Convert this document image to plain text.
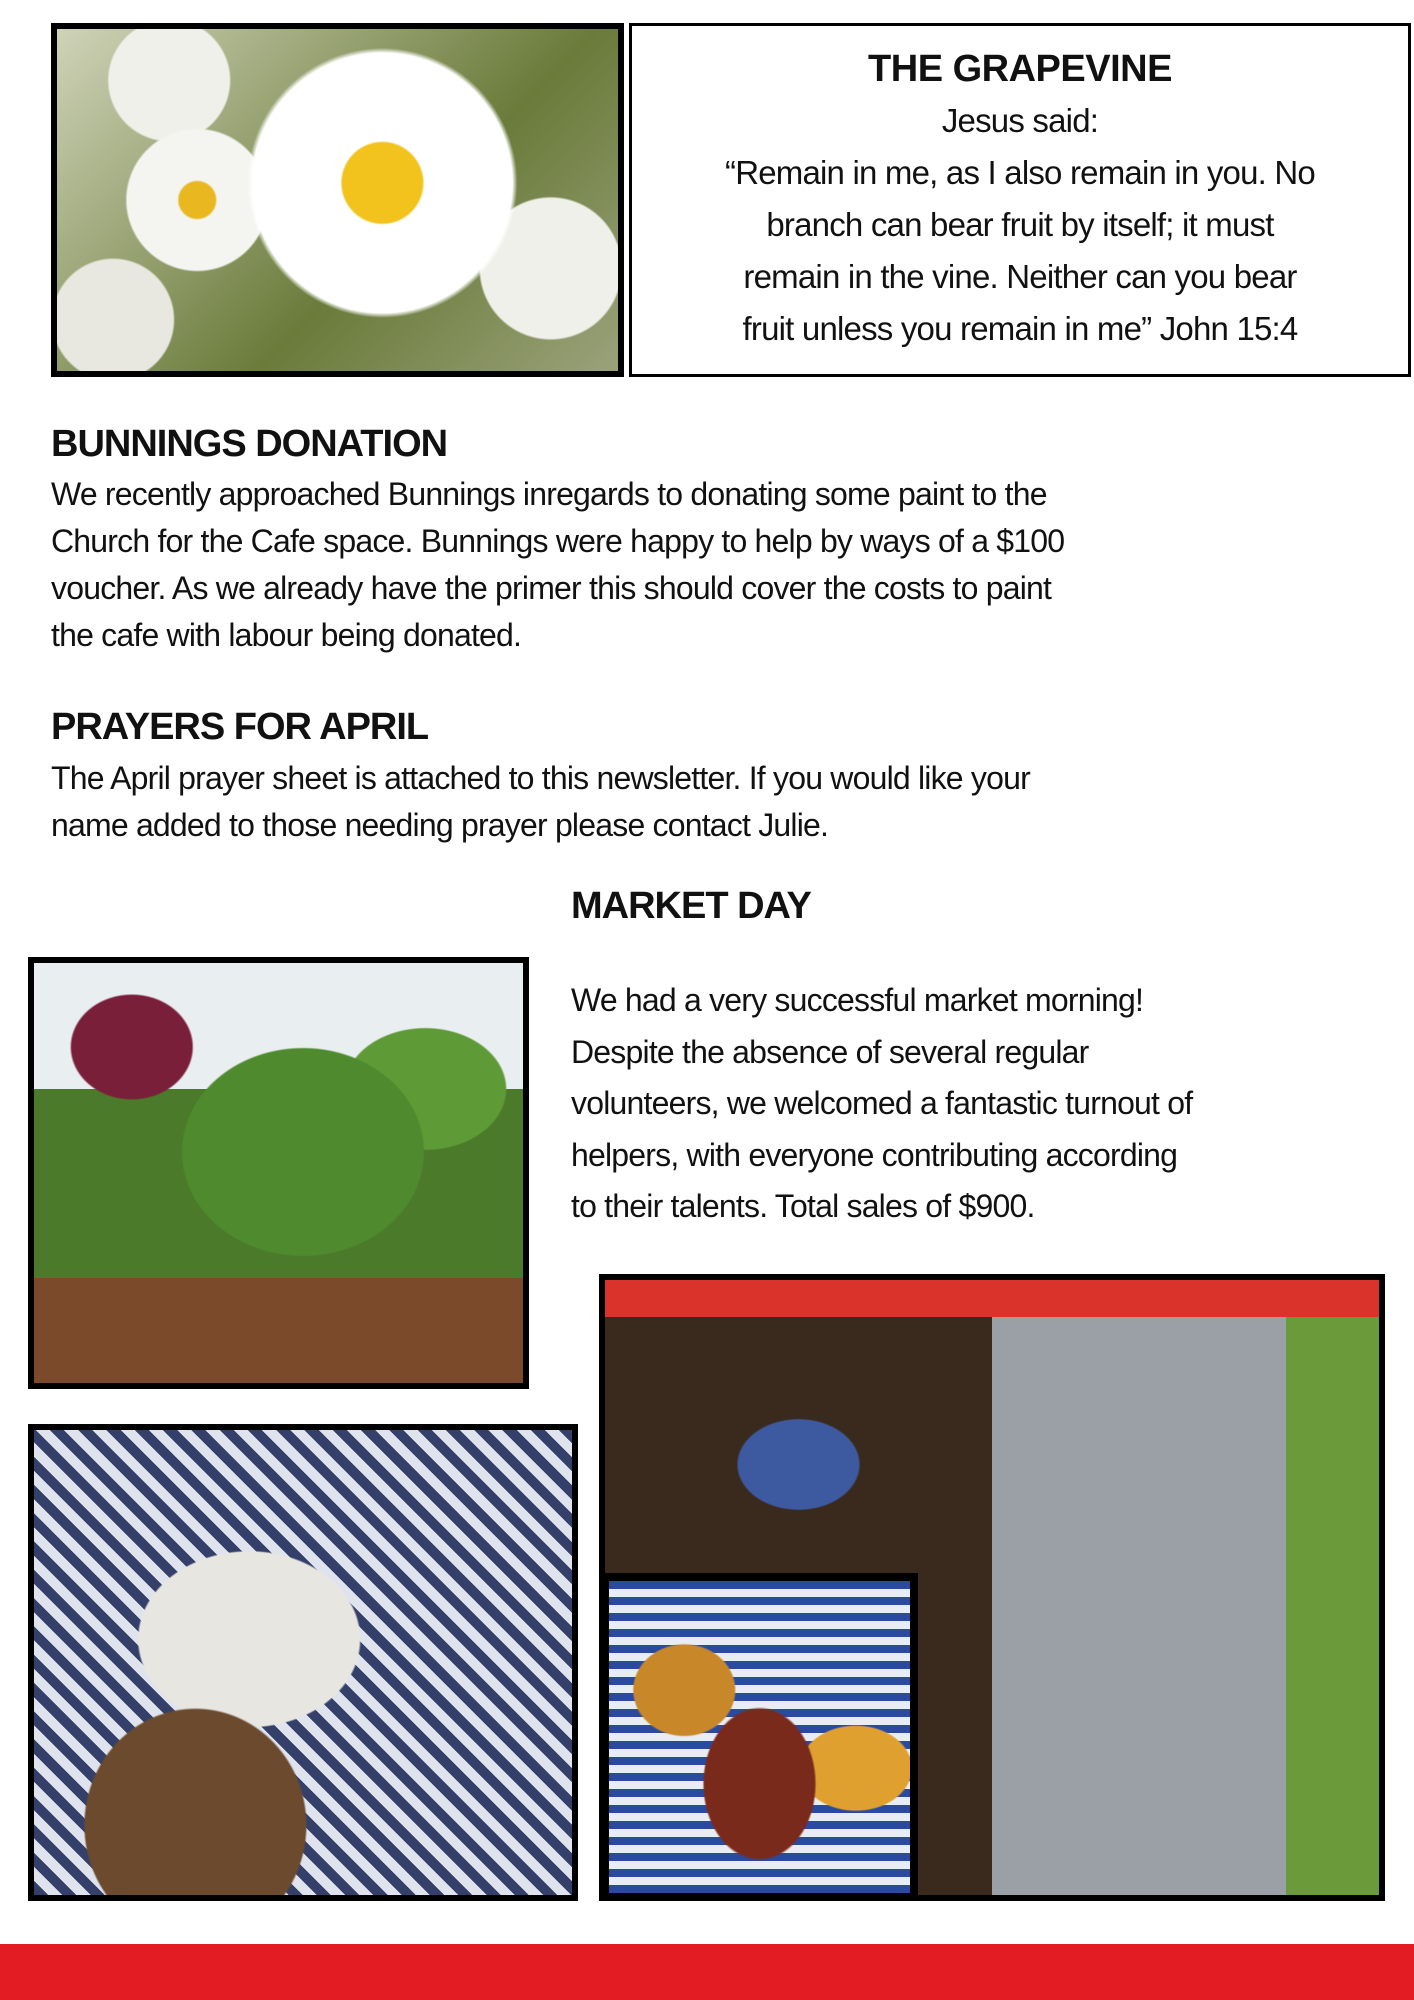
THE GRAPEVINE

Jesus said:

“Remain in me, as I also remain in you. No

branch can bear fruit by itself; it must

remain in the vine. Neither can you bear

fruit unless you remain in me” John 15:4

BUNNINGS DONATION
We recently approached Bunnings inregards to donating some paint to the
Church for the Cafe space. Bunnings were happy to help by ways of a $100
voucher. As we already have the primer this should cover the costs to paint
the cafe with labour being donated.
PRAYERS FOR APRIL
The April prayer sheet is attached to this newsletter. If you would like your
name added to those needing prayer please contact Julie.
MARKET DAY
We had a very successful market morning!
Despite the absence of several regular
volunteers, we welcomed a fantastic turnout of
helpers, with everyone contributing according
to their talents. Total sales of $900.
